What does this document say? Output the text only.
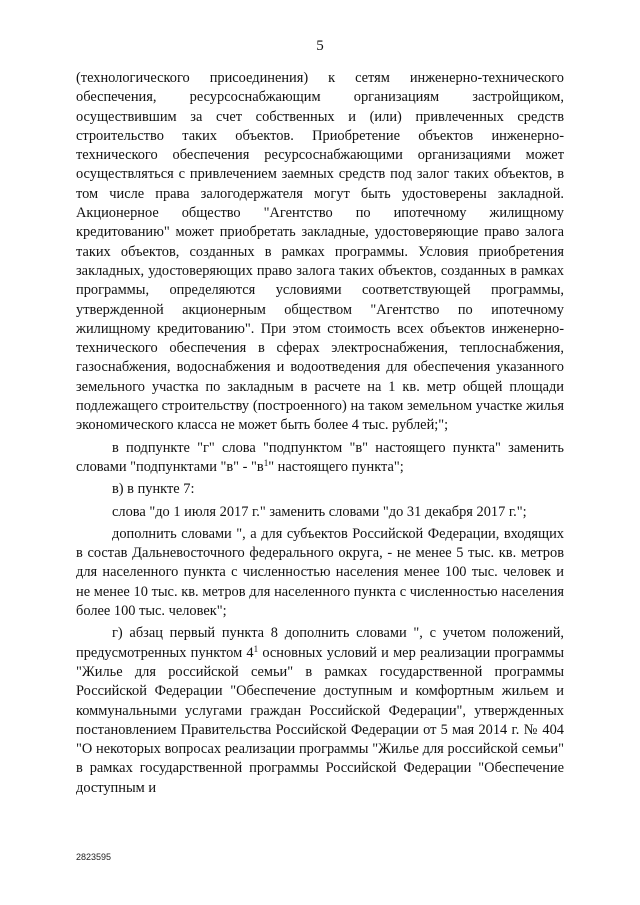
5

(технологического присоединения) к сетям инженерно-технического обеспечения, ресурсоснабжающим организациям застройщиком, осуществившим за счет собственных и (или) привлеченных средств строительство таких объектов. Приобретение объектов инженерно-технического обеспечения ресурсоснабжающими организациями может осуществляться с привлечением заемных средств под залог таких объектов, в том числе права залогодержателя могут быть удостоверены закладной. Акционерное общество "Агентство по ипотечному жилищному кредитованию" может приобретать закладные, удостоверяющие право залога таких объектов, созданных в рамках программы. Условия приобретения закладных, удостоверяющих право залога таких объектов, созданных в рамках программы, определяются условиями соответствующей программы, утвержденной акционерным обществом "Агентство по ипотечному жилищному кредитованию". При этом стоимость всех объектов инженерно-технического обеспечения в сферах электроснабжения, теплоснабжения, газоснабжения, водоснабжения и водоотведения для обеспечения указанного земельного участка по закладным в расчете на 1 кв. метр общей площади подлежащего строительству (построенного) на таком земельном участке жилья экономического класса не может быть более 4 тыс. рублей;";

в подпункте "г" слова "подпунктом "в" настоящего пункта" заменить словами "подпунктами "в" - "$в^1$" настоящего пункта";

в) в пункте 7:

слова "до 1 июля 2017 г." заменить словами "до 31 декабря 2017 г.";

дополнить словами ", а для субъектов Российской Федерации, входящих в состав Дальневосточного федерального округа, - не менее 5 тыс. кв. метров для населенного пункта с численностью населения менее 100 тыс. человек и не менее 10 тыс. кв. метров для населенного пункта с численностью населения более 100 тыс. человек";

г) абзац первый пункта 8 дополнить словами ", с учетом положений, предусмотренных пунктом $4^1$ основных условий и мер реализации программы "Жилье для российской семьи" в рамках государственной программы Российской Федерации "Обеспечение доступным и комфортным жильем и коммунальными услугами граждан Российской Федерации", утвержденных постановлением Правительства Российской Федерации от 5 мая 2014 г. № 404 "О некоторых вопросах реализации программы "Жилье для российской семьи" в рамках государственной программы Российской Федерации "Обеспечение доступным и

2823595
